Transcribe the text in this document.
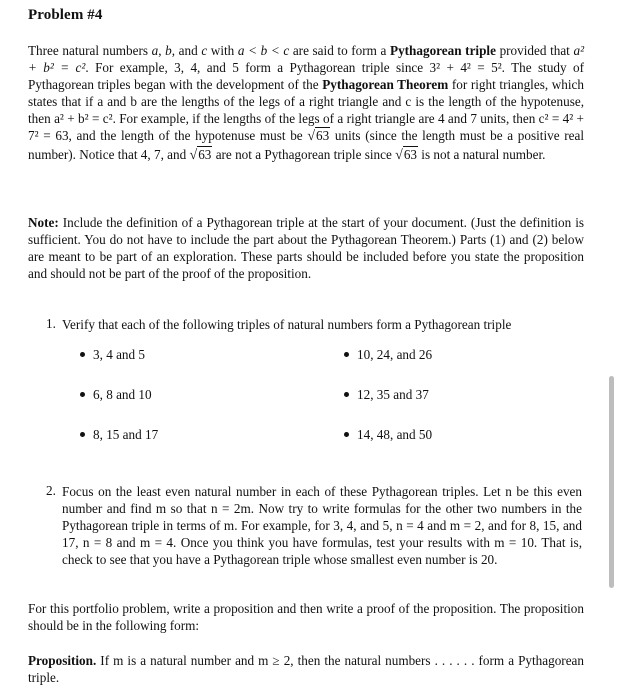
Problem #4
Three natural numbers a, b, and c with a < b < c are said to form a Pythagorean triple provided that a² + b² = c². For example, 3, 4, and 5 form a Pythagorean triple since 3² + 4² = 5². The study of Pythagorean triples began with the development of the Pythagorean Theorem for right triangles, which states that if a and b are the lengths of the legs of a right triangle and c is the length of the hypotenuse, then a² + b² = c². For example, if the lengths of the legs of a right triangle are 4 and 7 units, then c² = 4² + 7² = 63, and the length of the hypotenuse must be √63 units (since the length must be a positive real number). Notice that 4, 7, and √63 are not a Pythagorean triple since √63 is not a natural number.
Note: Include the definition of a Pythagorean triple at the start of your document. (Just the definition is sufficient. You do not have to include the part about the Pythagorean Theorem.) Parts (1) and (2) below are meant to be part of an exploration. These parts should be included before you state the proposition and should not be part of the proof of the proposition.
1. Verify that each of the following triples of natural numbers form a Pythagorean triple
3, 4 and 5	10, 24, and 26
6, 8 and 10	12, 35 and 37
8, 15 and 17	14, 48, and 50
2. Focus on the least even natural number in each of these Pythagorean triples. Let n be this even number and find m so that n = 2m. Now try to write formulas for the other two numbers in the Pythagorean triple in terms of m. For example, for 3, 4, and 5, n = 4 and m = 2, and for 8, 15, and 17, n = 8 and m = 4. Once you think you have formulas, test your results with m = 10. That is, check to see that you have a Pythagorean triple whose smallest even number is 20.
For this portfolio problem, write a proposition and then write a proof of the proposition. The proposition should be in the following form:
Proposition. If m is a natural number and m ≥ 2, then the natural numbers . . . . . . form a Pythagorean triple.
